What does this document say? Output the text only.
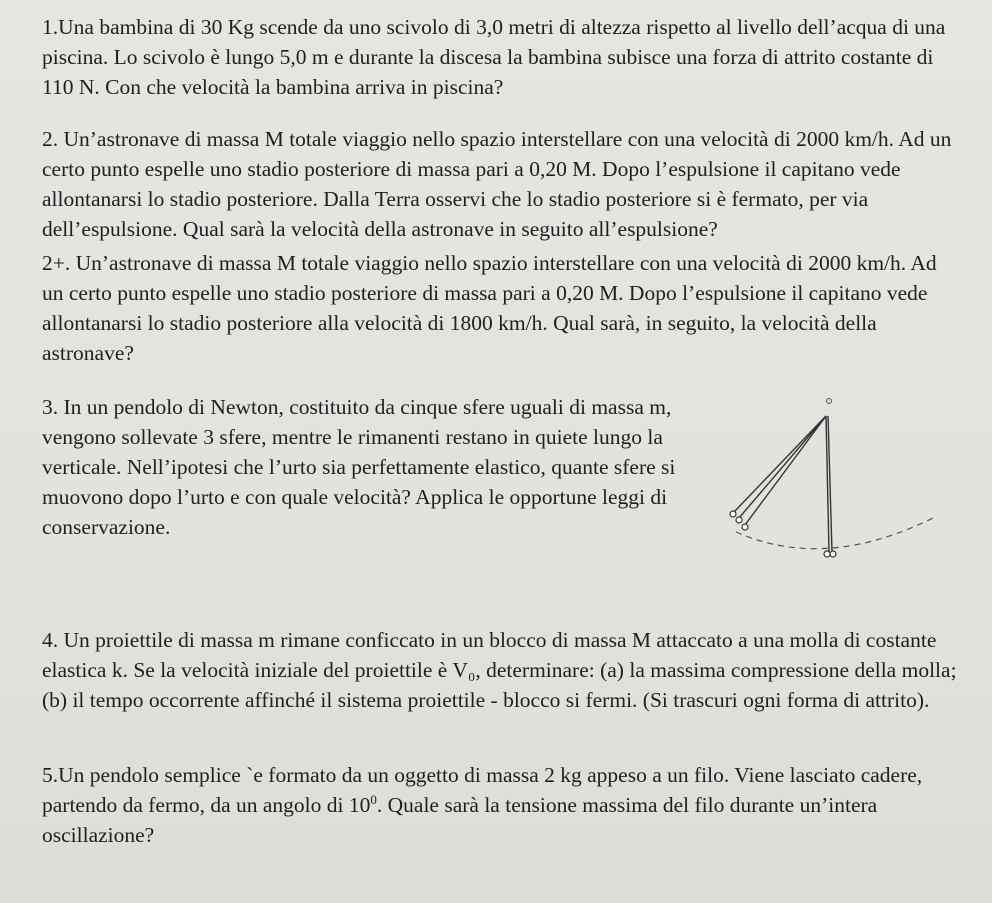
1.Una bambina di 30 Kg scende da uno scivolo di 3,0 metri di altezza rispetto al livello dell’acqua di una piscina. Lo scivolo è lungo 5,0 m e durante la discesa la bambina subisce una forza di attrito costante di 110 N. Con che velocità la bambina arriva in piscina?

2. Un’astronave di massa M totale viaggio nello spazio interstellare con una velocità di 2000 km/h. Ad un certo punto espelle uno stadio posteriore di massa pari a 0,20 M. Dopo l’espulsione il capitano vede allontanarsi lo stadio posteriore. Dalla Terra osservi che lo stadio posteriore si è fermato, per via dell’espulsione. Qual sarà la velocità della astronave in seguito all’espulsione?

2+. Un’astronave di massa M totale viaggio nello spazio interstellare con una velocità di 2000 km/h. Ad un certo punto espelle uno stadio posteriore di massa pari a 0,20 M. Dopo l’espulsione il capitano vede allontanarsi lo stadio posteriore alla velocità di 1800 km/h. Qual sarà, in seguito, la velocità della astronave?

3. In un pendolo di Newton, costituito da cinque sfere uguali di massa m, vengono sollevate 3 sfere, mentre le rimanenti restano in quiete lungo la verticale. Nell’ipotesi che l’urto sia perfettamente elastico, quante sfere si muovono dopo l’urto e con quale velocità? Applica le opportune leggi di conservazione.

4. Un proiettile di massa m rimane conficcato in un blocco di massa M attaccato a una molla di costante elastica k. Se la velocità iniziale del proiettile è V₀, determinare: (a) la massima compressione della molla; (b) il tempo occorrente affinché il sistema proiettile - blocco si fermi. (Si trascuri ogni forma di attrito).

5.Un pendolo semplice `e formato da un oggetto di massa 2 kg appeso a un filo. Viene lasciato cadere, partendo da fermo, da un angolo di $10^0$. Quale sarà la tensione massima del filo durante un’intera oscillazione?
